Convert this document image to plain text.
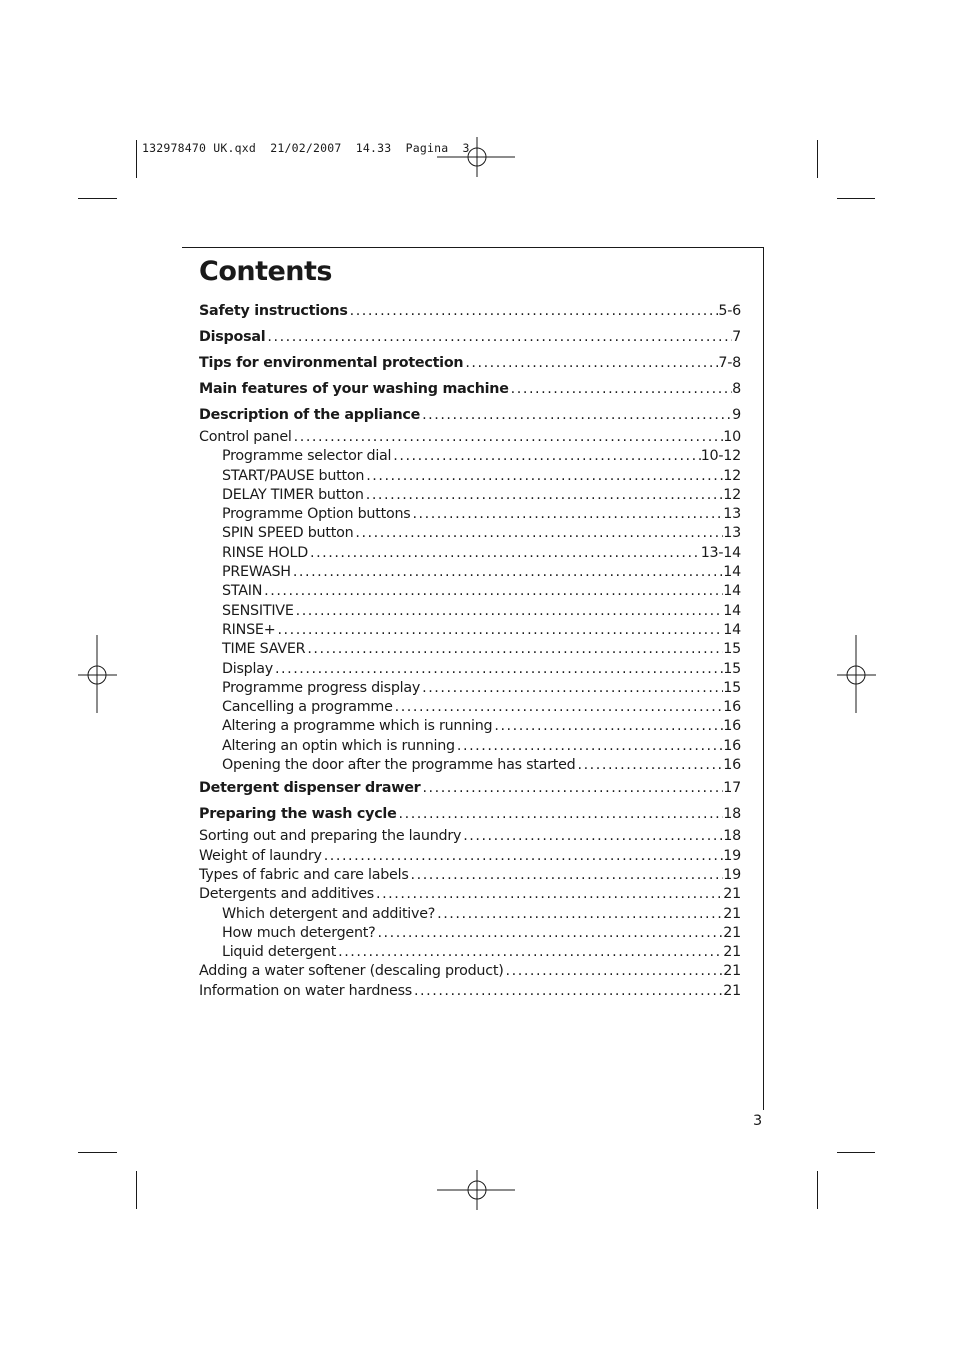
132978470 UK.qxd  21/02/2007  14.33  Pagina  3
Contents
Safety instructions . . .	5-6
Disposal . . .	7
Tips for environmental protection . . .	7-8
Main features of your washing machine . . .	8
Description of the appliance . . .	9
Control panel . . .	10
Programme selector dial . . .	10-12
START/PAUSE button . . .	12
DELAY TIMER button . . .	12
Programme Option buttons . . .	13
SPIN SPEED button . . .	13
RINSE HOLD . . .	13-14
PREWASH . . .	14
STAIN . . .	14
SENSITIVE . . .	14
RINSE+ . . .	14
TIME SAVER . . .	15
Display . . .	15
Programme progress display . . .	15
Cancelling a programme . . .	16
Altering a programme which is running . . .	16
Altering an optin which is running . . .	16
Opening the door after the programme has started . . .	16
Detergent dispenser drawer . . .	17
Preparing the wash cycle . . .	18
Sorting out and preparing the laundry . . .	18
Weight of laundry . . .	19
Types of fabric and care labels . . .	19
Detergents and additives . . .	21
Which detergent and additive? . . .	21
How much detergent? . . .	21
Liquid detergent . . .	21
Adding a water softener (descaling product) . . .	21
Information on water hardness . . .	21
3
